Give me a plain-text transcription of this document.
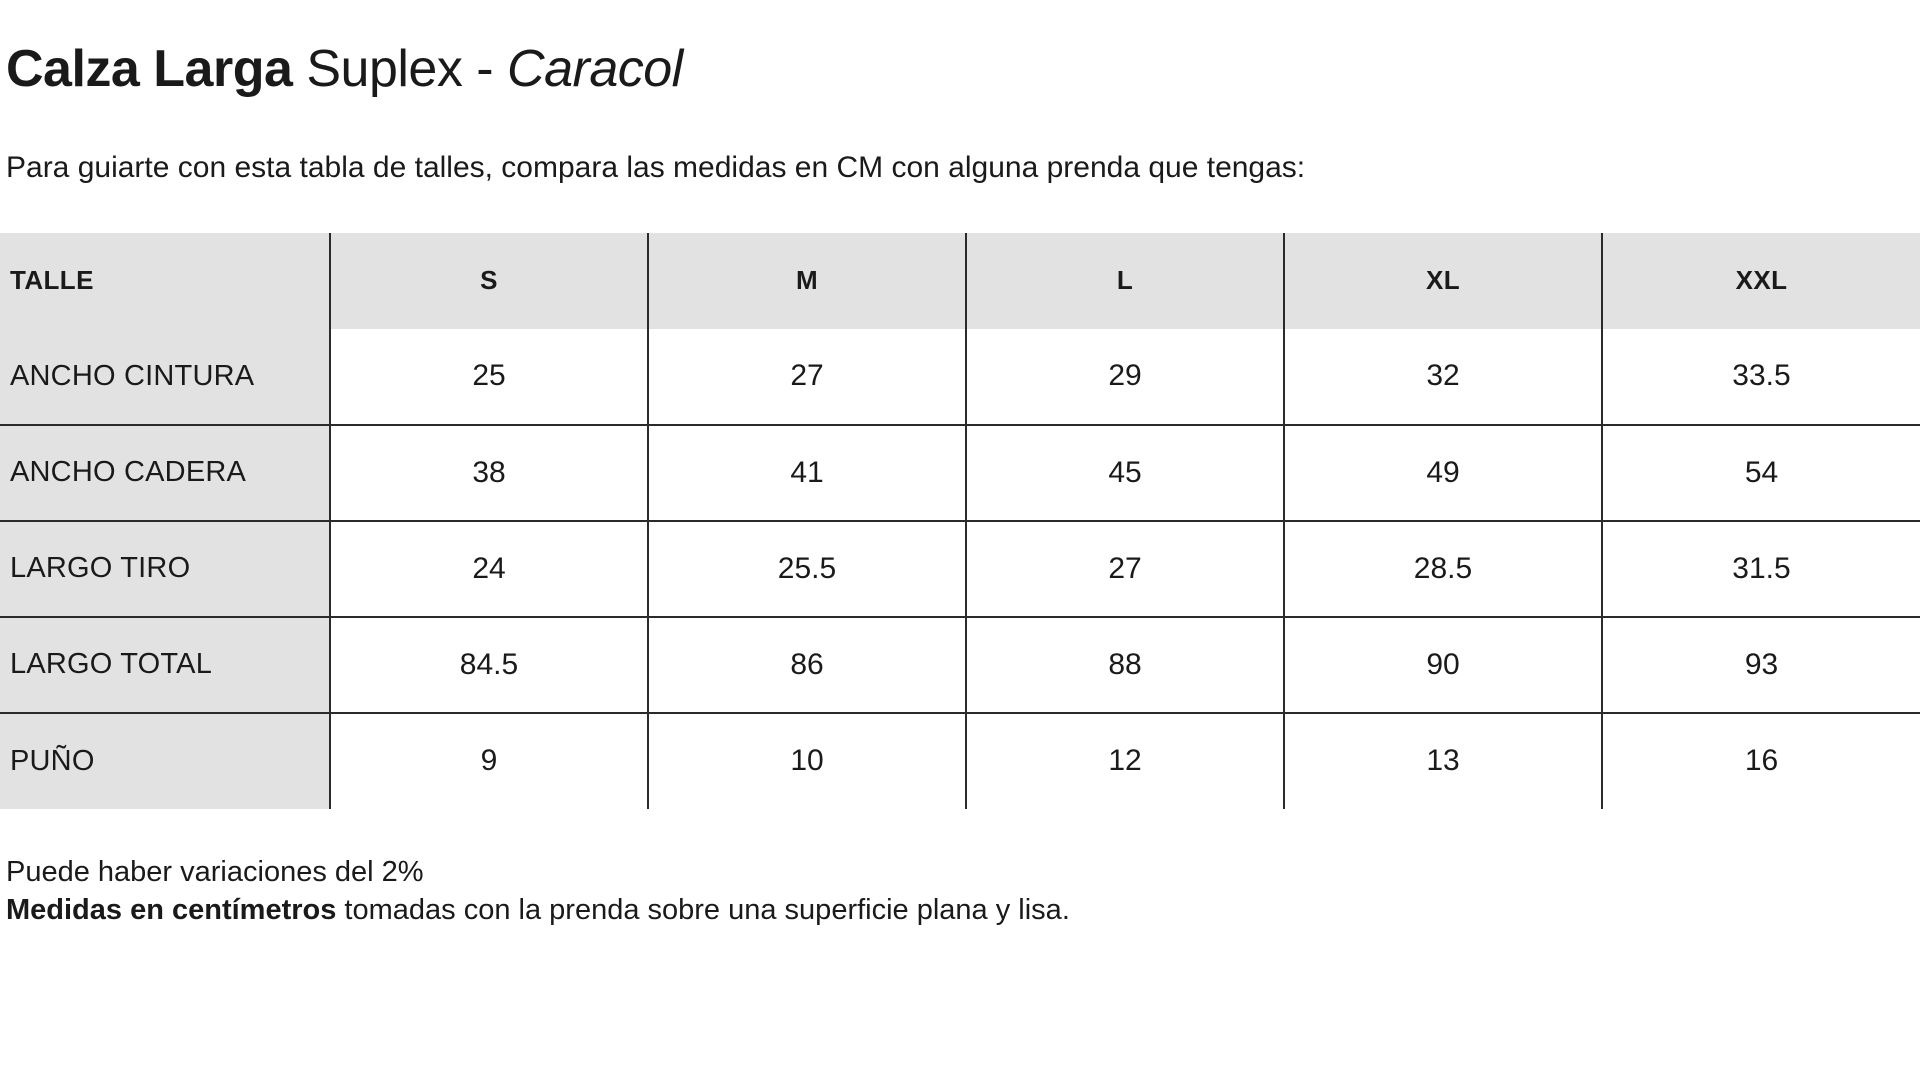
Calza Larga Suplex - Caracol

Para guiarte con esta tabla de talles, compara las medidas en CM con alguna prenda que tengas:

TALLE	S	M	L	XL	XXL
ANCHO CINTURA	25	27	29	32	33.5
ANCHO CADERA	38	41	45	49	54
LARGO TIRO	24	25.5	27	28.5	31.5
LARGO TOTAL	84.5	86	88	90	93
PUÑO	9	10	12	13	16

Puede haber variaciones del 2%

Medidas en centímetros tomadas con la prenda sobre una superficie plana y lisa.
